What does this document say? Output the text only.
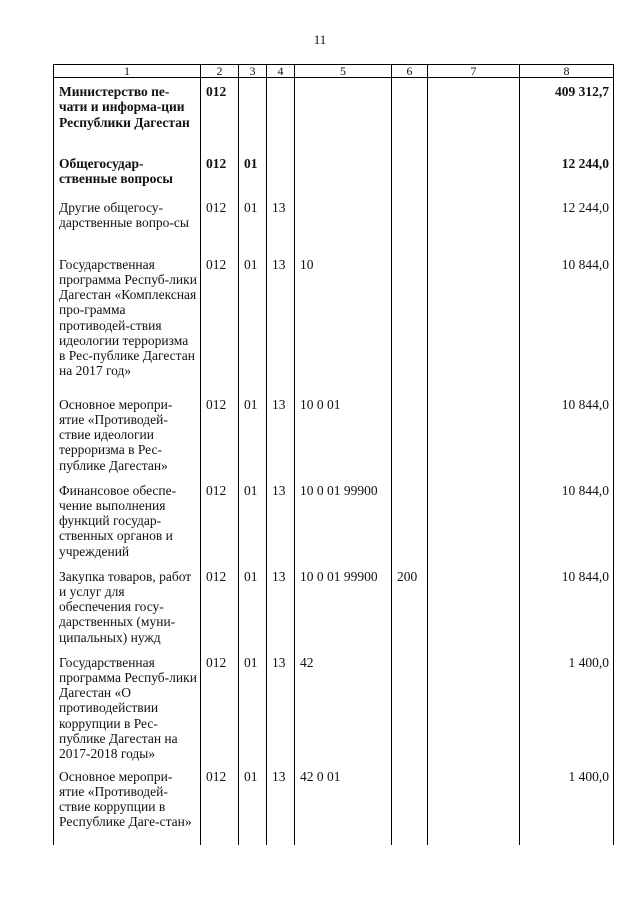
11
1	2	3	4	5	6	7	8
Министерство пе-чати и информа-ции Республики Дагестан	012						409 312,7
Общегосудар-ственные вопросы	012	01					12 244,0
Другие общегосу-дарственные вопро-сы	012	01	13				12 244,0
Государственная программа Респуб-лики Дагестан «Комплексная про-грамма противодей-ствия идеологии терроризма в Рес-публике Дагестан на 2017 год»	012	01	13	10			10 844,0
Основное меропри-ятие «Противодей-ствие идеологии терроризма в Рес-публике Дагестан»	012	01	13	10 0 01			10 844,0
Финансовое обеспе-чение выполнения функций государ-ственных органов и учреждений	012	01	13	10 0 01 99900			10 844,0
Закупка товаров, работ и услуг для обеспечения госу-дарственных (муни-ципальных) нужд	012	01	13	10 0 01 99900	200		10 844,0
Государственная программа Респуб-лики Дагестан «О противодействии коррупции в Рес-публике Дагестан на 2017-2018 годы»	012	01	13	42			1 400,0
Основное меропри-ятие «Противодей-ствие коррупции в Республике Даге-стан»	012	01	13	42 0 01			1 400,0
